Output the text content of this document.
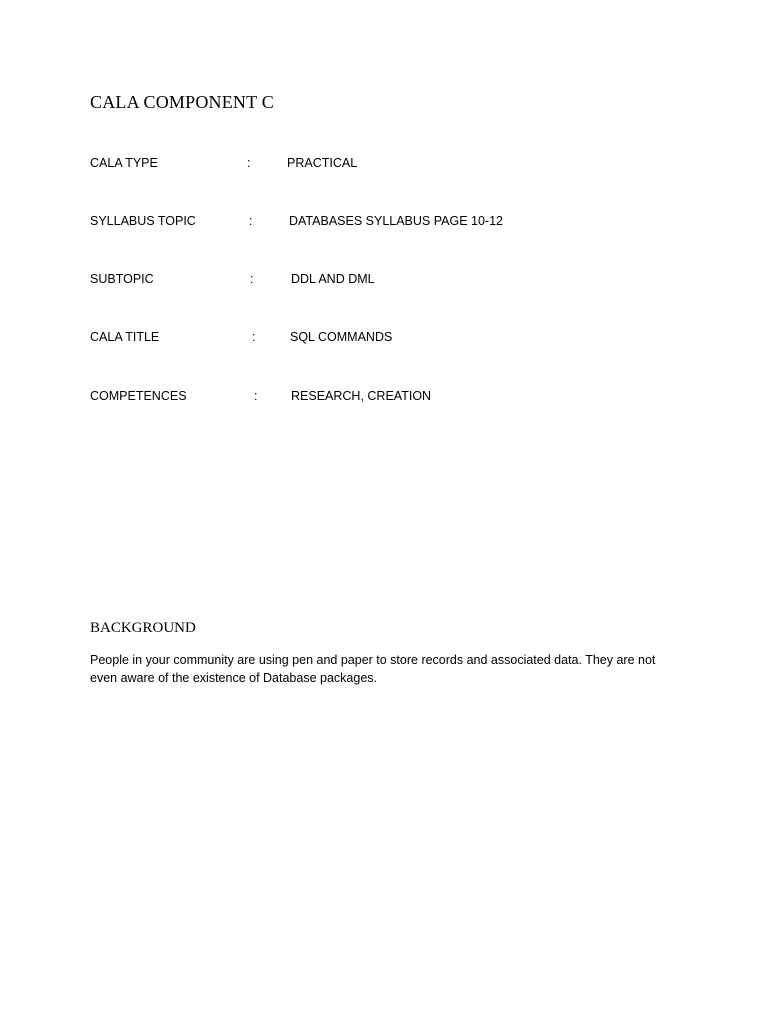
CALA COMPONENT C
CALA TYPE	:	PRACTICAL
SYLLABUS TOPIC	:	DATABASES SYLLABUS PAGE 10-12
SUBTOPIC	:	DDL AND DML
CALA TITLE	:	SQL COMMANDS
COMPETENCES	:	RESEARCH, CREATION
BACKGROUND

People in your community are using pen and paper to store records and associated data. They are not even aware of the existence of Database packages.
